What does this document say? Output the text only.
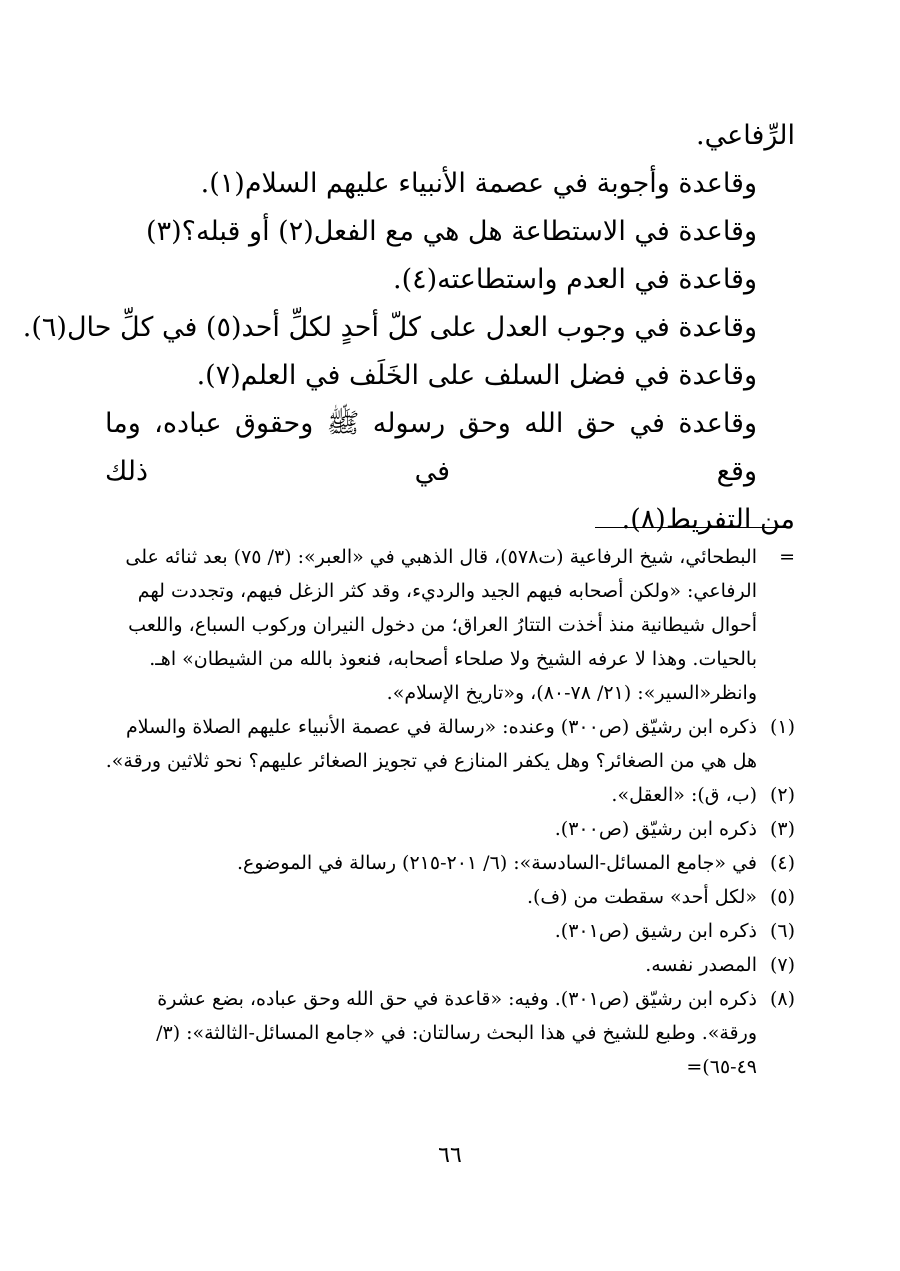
الرِّفاعي.
وقاعدة وأجوبة في عصمة الأنبياء عليهم السلام(١).
وقاعدة في الاستطاعة هل هي مع الفعل(٢) أو قبله؟(٣)
وقاعدة في العدم واستطاعته(٤).
وقاعدة في وجوب العدل على كلّ أحدٍ لكلِّ أحد(٥) في كلِّ حال(٦).
وقاعدة في فضل السلف على الخَلَف في العلم(٧).
وقاعدة في حق الله وحق رسوله ﷺ وحقوق عباده، وما وقع في ذلك
من التفريط(٨).
=
البطحائي، شيخ الرفاعية (ت٥٧٨)، قال الذهبي في «العبر»: (٣/ ٧٥) بعد ثنائه على الرفاعي: «ولكن أصحابه فيهم الجيد والرديء، وقد كثر الزغل فيهم، وتجددت لهم أحوال شيطانية منذ أخذت التتارُ العراق؛ من دخول النيران وركوب السباع، واللعب بالحيات. وهذا لا عرفه الشيخ ولا صلحاء أصحابه، فنعوذ بالله من الشيطان» اهـ. وانظر«السير»: (٢١/ ٧٨-٨٠)، و«تاريخ الإسلام».
(١)
ذكره ابن رشيّق (ص٣٠٠) وعنده: «رسالة في عصمة الأنبياء عليهم الصلاة والسلام هل هي من الصغائر؟ وهل يكفر المنازع في تجويز الصغائر عليهم؟ نحو ثلاثين ورقة».
(٢)
(ب، ق): «العقل».
(٣)
ذكره ابن رشيّق (ص٣٠٠).
(٤)
في «جامع المسائل-السادسة»: (٦/ ٢٠١-٢١٥) رسالة في الموضوع.
(٥)
«لكل أحد» سقطت من (ف).
(٦)
ذكره ابن رشيق (ص٣٠١).
(٧)
المصدر نفسه.
(٨)
ذكره ابن رشيّق (ص٣٠١). وفيه: «قاعدة في حق الله وحق عباده، بضع عشرة ورقة». وطبع للشيخ في هذا البحث رسالتان: في «جامع المسائل-الثالثة»: (٣/ ٤٩-٦٥)=
٦٦
